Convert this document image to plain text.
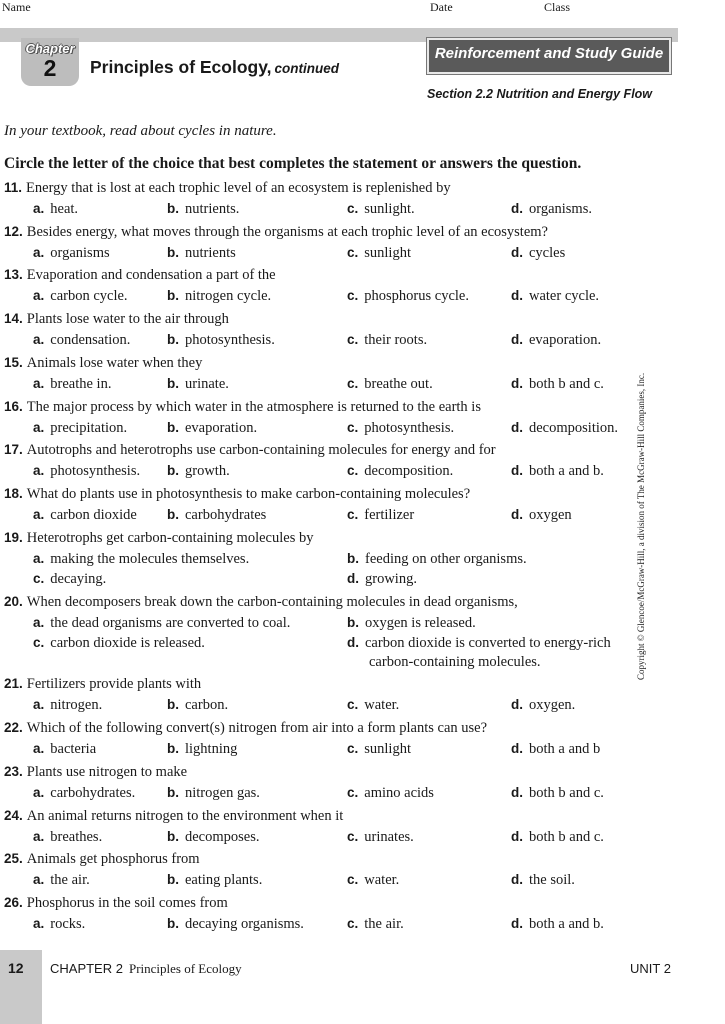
Name	Date	Class
Chapter
2	Principles of Ecology, continued
Reinforcement and Study Guide
Section 2.2 Nutrition and Energy Flow
In your textbook, read about cycles in nature.
Circle the letter of the choice that best completes the statement or answers the question.
11. Energy that is lost at each trophic level of an ecosystem is replenished by
a. heat.	b. nutrients.	c. sunlight.	d. organisms.
12. Besides energy, what moves through the organisms at each trophic level of an ecosystem?
a. organisms	b. nutrients	c. sunlight	d. cycles
13. Evaporation and condensation a part of the
a. carbon cycle.	b. nitrogen cycle.	c. phosphorus cycle.	d. water cycle.
14. Plants lose water to the air through
a. condensation.	b. photosynthesis.	c. their roots.	d. evaporation.
15. Animals lose water when they
a. breathe in.	b. urinate.	c. breathe out.	d. both b and c.
16. The major process by which water in the atmosphere is returned to the earth is
a. precipitation.	b. evaporation.	c. photosynthesis.	d. decomposition.
17. Autotrophs and heterotrophs use carbon-containing molecules for energy and for
a. photosynthesis. b. growth.	c. decomposition.	d. both a and b.
18. What do plants use in photosynthesis to make carbon-containing molecules?
a. carbon dioxide b. carbohydrates	c. fertilizer	d. oxygen
19. Heterotrophs get carbon-containing molecules by
a. making the molecules themselves.	b. feeding on other organisms.
c. decaying.	d. growing.
20. When decomposers break down the carbon-containing molecules in dead organisms,
a. the dead organisms are converted to coal.	b. oxygen is released.
c. carbon dioxide is released.	d. carbon dioxide is converted to energy-rich
carbon-containing molecules.
21. Fertilizers provide plants with
a. nitrogen.	b. carbon.	c. water.	d. oxygen.
22. Which of the following convert(s) nitrogen from air into a form plants can use?
a. bacteria	b. lightning	c. sunlight	d. both a and b
23. Plants use nitrogen to make
a. carbohydrates. b. nitrogen gas.	c. amino acids	d. both b and c.
24. An animal returns nitrogen to the environment when it
a. breathes.	b. decomposes.	c. urinates.	d. both b and c.
25. Animals get phosphorus from
a. the air.	b. eating plants.	c. water.	d. the soil.
26. Phosphorus in the soil comes from
a. rocks.	b. decaying organisms.	c. the air.	d. both a and b.
Copyright © Glencoe/McGraw-Hill, a division of The McGraw-Hill Companies, Inc.
12 CHAPTER 2 Principles of Ecology	UNIT 2
